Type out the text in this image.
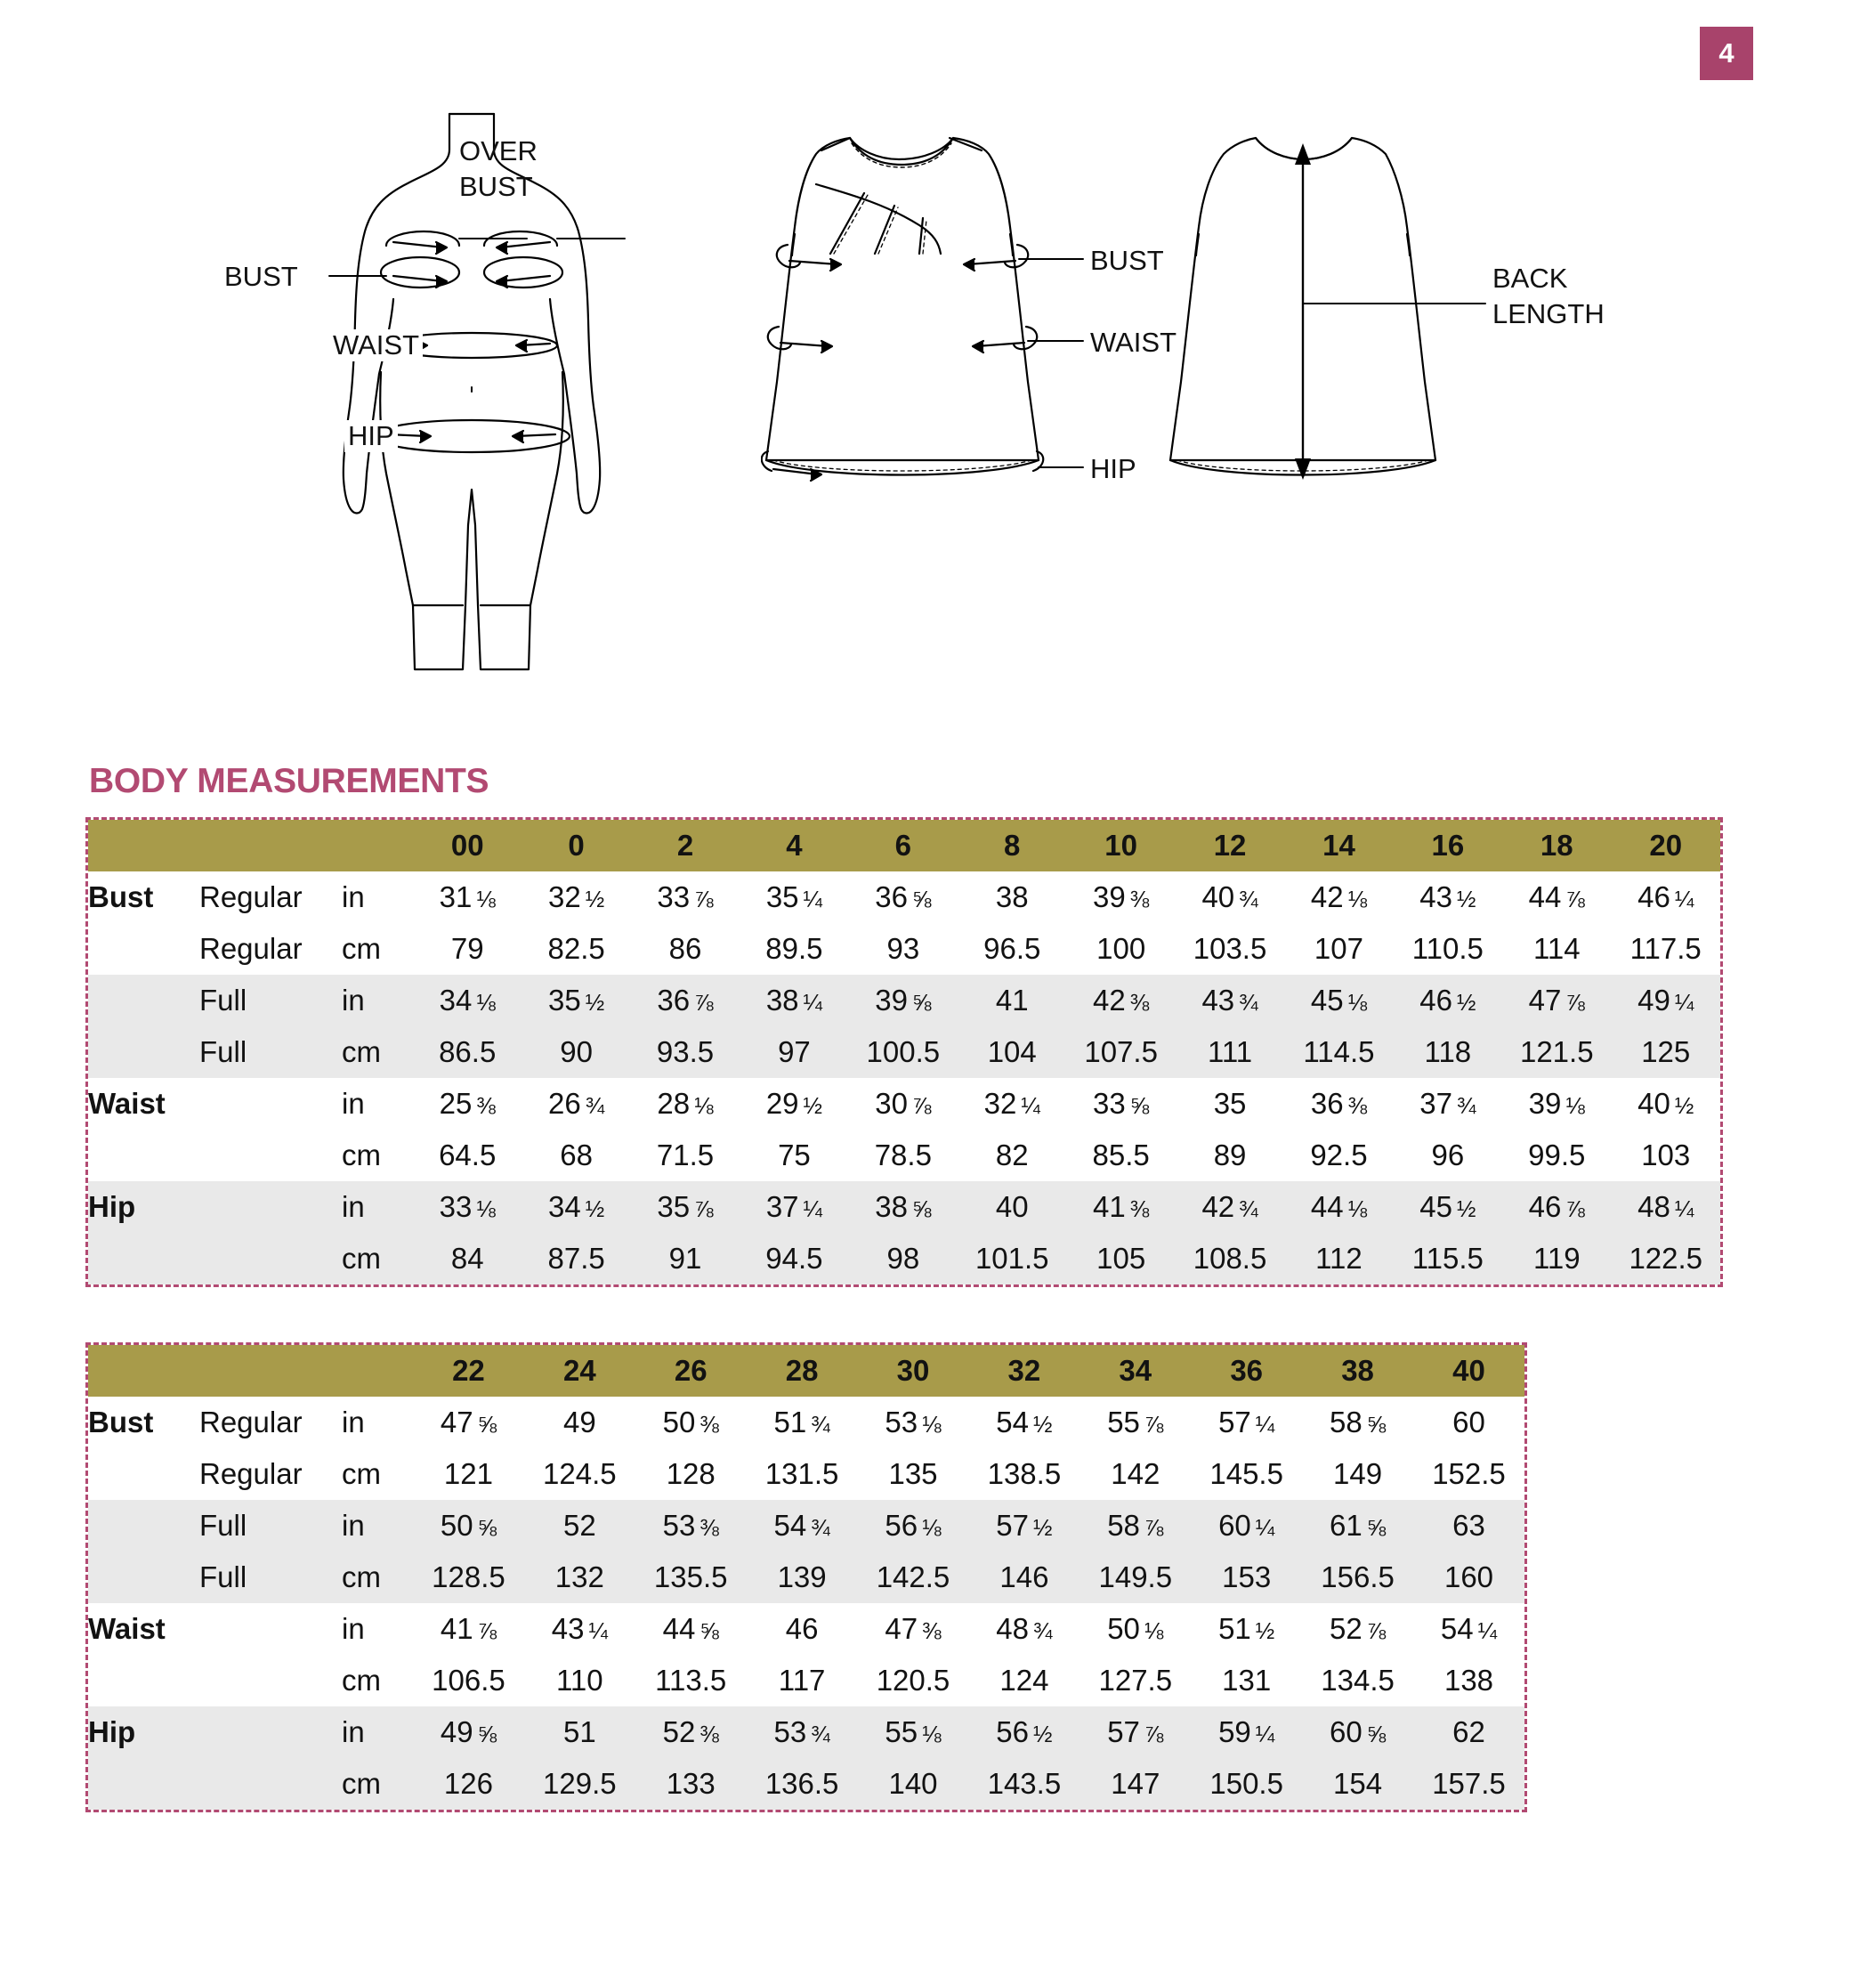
4
OVER
BUST
BUST
WAIST
HIP
BUST
WAIST
HIP
BACK
LENGTH
BODY MEASUREMENTS
			00	0	2	4	6	8	10	12	14	16	18	20
Bust	Regular	in	31 ⅛	32 ½	33 ⅞	35 ¼	36 ⅝	38	39 ⅜	40 ¾	42 ⅛	43 ½	44 ⅞	46 ¼
	Regular	cm	79	82.5	86	89.5	93	96.5	100	103.5	107	110.5	114	117.5
	Full	in	34 ⅛	35 ½	36 ⅞	38 ¼	39 ⅝	41	42 ⅜	43 ¾	45 ⅛	46 ½	47 ⅞	49 ¼
	Full	cm	86.5	90	93.5	97	100.5	104	107.5	111	114.5	118	121.5	125
Waist		in	25 ⅜	26 ¾	28 ⅛	29 ½	30 ⅞	32 ¼	33 ⅝	35	36 ⅜	37 ¾	39 ⅛	40 ½
		cm	64.5	68	71.5	75	78.5	82	85.5	89	92.5	96	99.5	103
Hip		in	33 ⅛	34 ½	35 ⅞	37 ¼	38 ⅝	40	41 ⅜	42 ¾	44 ⅛	45 ½	46 ⅞	48 ¼
		cm	84	87.5	91	94.5	98	101.5	105	108.5	112	115.5	119	122.5
			22	24	26	28	30	32	34	36	38	40
Bust	Regular	in	47 ⅝	49	50 ⅜	51 ¾	53 ⅛	54 ½	55 ⅞	57 ¼	58 ⅝	60
	Regular	cm	121	124.5	128	131.5	135	138.5	142	145.5	149	152.5
	Full	in	50 ⅝	52	53 ⅜	54 ¾	56 ⅛	57 ½	58 ⅞	60 ¼	61 ⅝	63
	Full	cm	128.5	132	135.5	139	142.5	146	149.5	153	156.5	160
Waist		in	41 ⅞	43 ¼	44 ⅝	46	47 ⅜	48 ¾	50 ⅛	51 ½	52 ⅞	54 ¼
		cm	106.5	110	113.5	117	120.5	124	127.5	131	134.5	138
Hip		in	49 ⅝	51	52 ⅜	53 ¾	55 ⅛	56 ½	57 ⅞	59 ¼	60 ⅝	62
		cm	126	129.5	133	136.5	140	143.5	147	150.5	154	157.5
